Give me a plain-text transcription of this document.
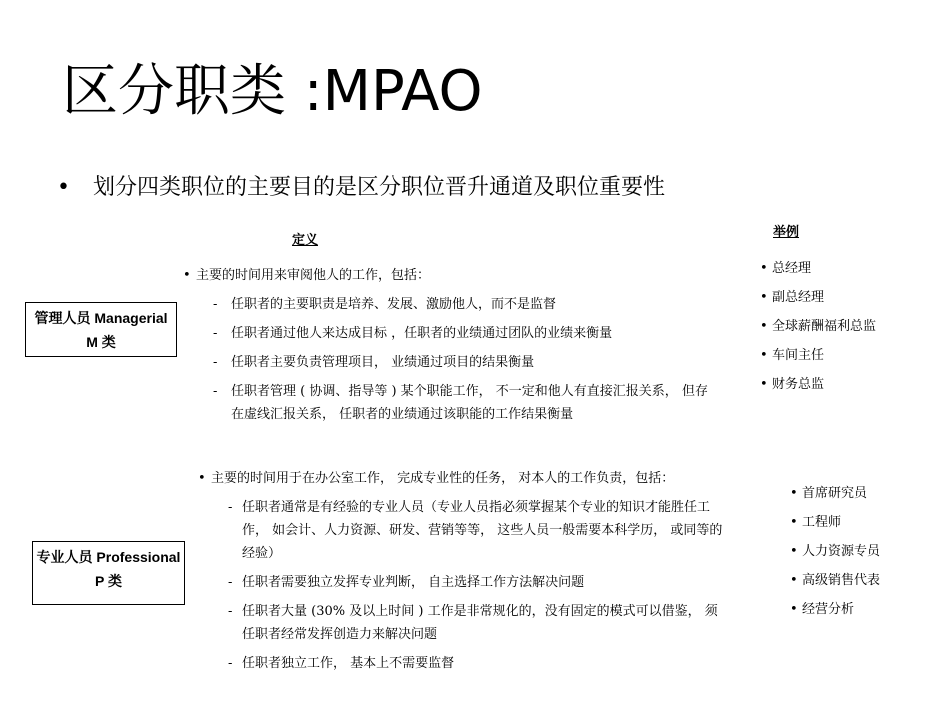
区分职类 :MPAO
• 划分四类职位的主要目的是区分职位晋升通道及职位重要性
定义
举例
管理人员 Managerial
M 类
• 主要的时间用来审阅他人的工作，包括：
-	任职者的主要职责是培养、发展、激励他人，而不是监督
-	任职者通过他人来达成目标 ，任职者的业绩通过团队的业绩来衡量
-	任职者主要负责管理项目， 业绩通过项目的结果衡量
-	任职者管理 ( 协调、指导等 ) 某个职能工作， 不一定和他人有直接汇报关系， 但存在虚线汇报关系， 任职者的业绩通过该职能的工作结果衡量
• 总经理
• 副总经理
• 全球薪酬福利总监
• 车间主任
• 财务总监
专业人员 Professional
P 类
• 主要的时间用于在办公室工作， 完成专业性的任务， 对本人的工作负责，包括：
- 任职者通常是有经验的专业人员（专业人员指必须掌握某个专业的知识才能胜任工作， 如会计、人力资源、研发、营销等等， 这些人员一般需要本科学历， 或同等的经验）
- 任职者需要独立发挥专业判断， 自主选择工作方法解决问题
- 任职者大量 (30% 及以上时间 ) 工作是非常规化的，没有固定的模式可以借鉴， 须任职者经常发挥创造力来解决问题
- 任职者独立工作， 基本上不需要监督
• 首席研究员
• 工程师
• 人力资源专员
• 高级销售代表
• 经营分析
